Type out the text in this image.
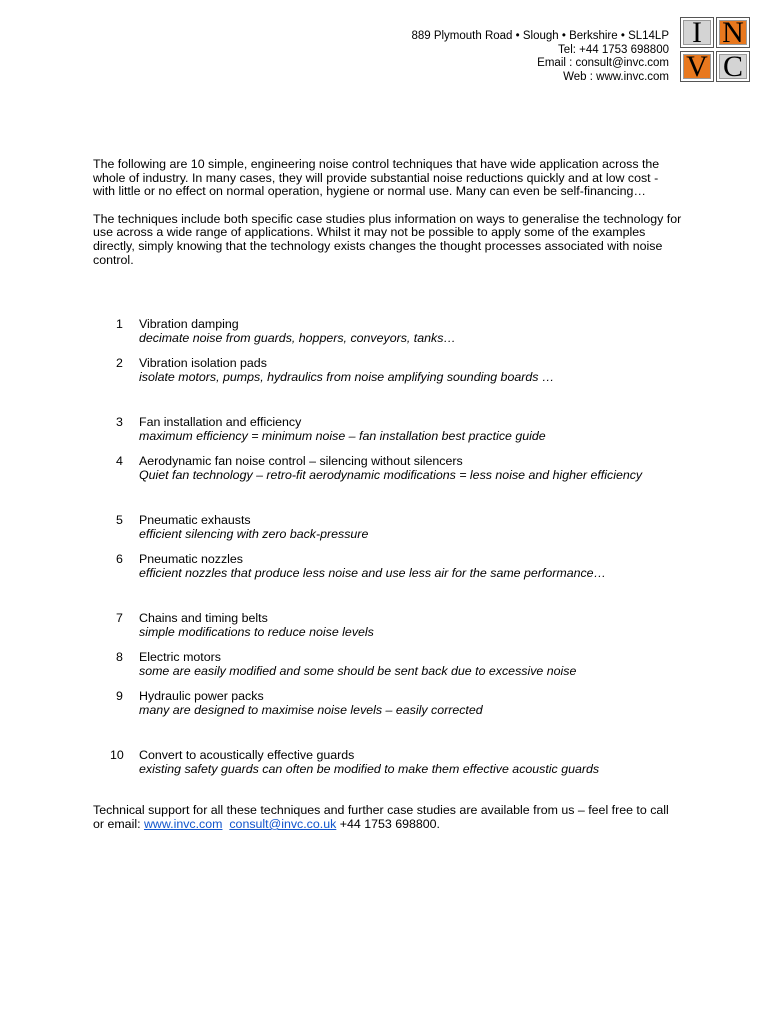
889 Plymouth Road • Slough • Berkshire • SL14LP
Tel: +44 1753 698800
Email : consult@invc.com
Web : www.invc.com
I N
V C

The following are 10 simple, engineering noise control techniques that have wide application across the whole of industry. In many cases, they will provide substantial noise reductions quickly and at low cost - with little or no effect on normal operation, hygiene or normal use. Many can even be self-financing…

The techniques include both specific case studies plus information on ways to generalise the technology for use across a wide range of applications. Whilst it may not be possible to apply some of the examples directly, simply knowing that the technology exists changes the thought processes associated with noise control.

1 Vibration damping
decimate noise from guards, hoppers, conveyors, tanks…
2 Vibration isolation pads
isolate motors, pumps, hydraulics from noise amplifying sounding boards …
3 Fan installation and efficiency
maximum efficiency = minimum noise – fan installation best practice guide
4 Aerodynamic fan noise control – silencing without silencers
Quiet fan technology – retro-fit aerodynamic modifications = less noise and higher efficiency
5 Pneumatic exhausts
efficient silencing with zero back-pressure
6 Pneumatic nozzles
efficient nozzles that produce less noise and use less air for the same performance…
7 Chains and timing belts
simple modifications to reduce noise levels
8 Electric motors
some are easily modified and some should be sent back due to excessive noise
9 Hydraulic power packs
many are designed to maximise noise levels – easily corrected
10 Convert to acoustically effective guards
existing safety guards can often be modified to make them effective acoustic guards
Technical support for all these techniques and further case studies are available from us – feel free to call or email: www.invc.com consult@invc.co.uk +44 1753 698800.
